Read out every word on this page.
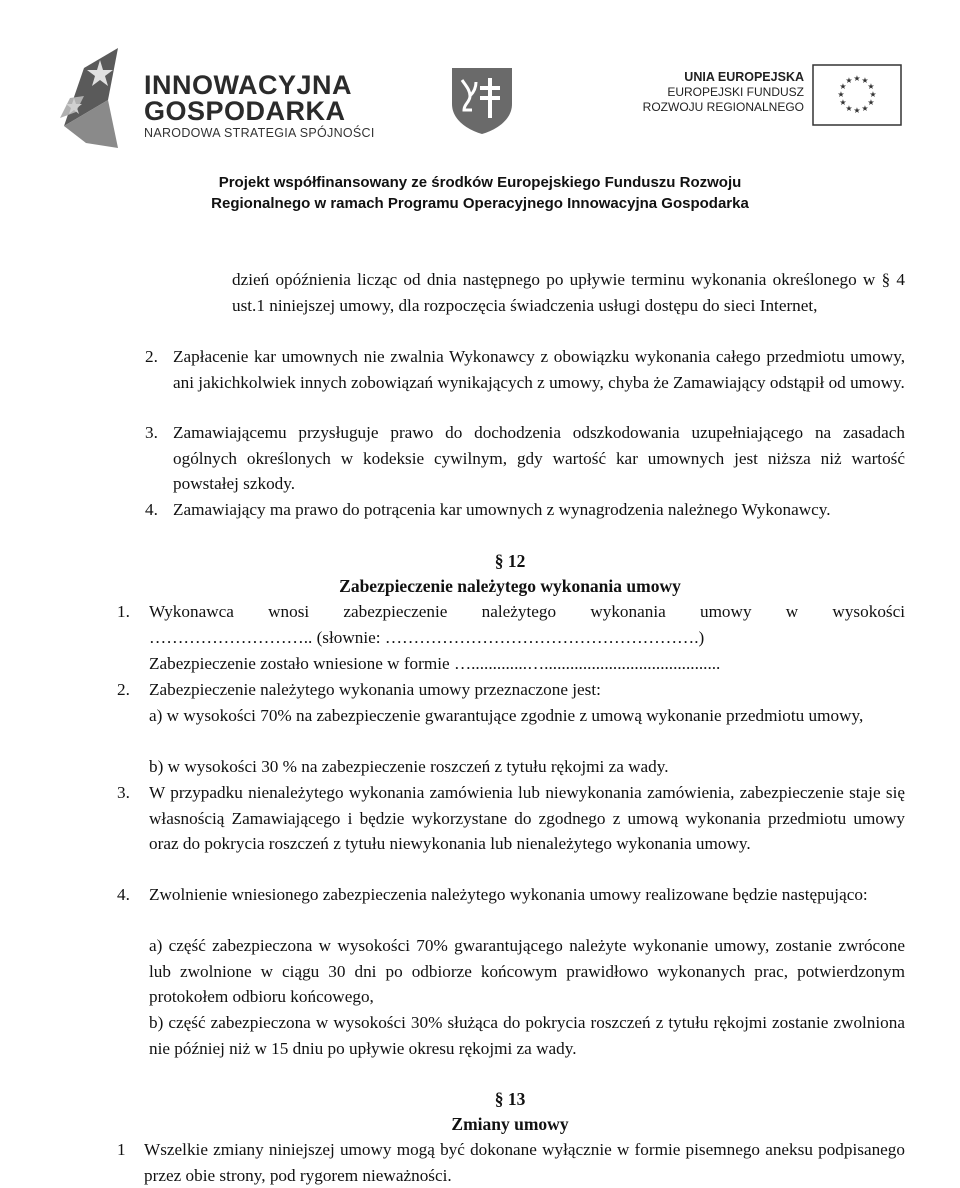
INNOWACYJNA
GOSPODARKA
NARODOWA STRATEGIA SPÓJNOŚCI
UNIA EUROPEJSKA
EUROPEJSKI FUNDUSZ
ROZWOJU REGIONALNEGO
★ ★
★
★
★
★
★
★
★
★
★
★
Projekt współfinansowany ze środków Europejskiego Funduszu Rozwoju
Regionalnego w ramach Programu Operacyjnego Innowacyjna Gospodarka
dzień opóźnienia licząc od dnia następnego po upływie terminu wykonania określonego w § 4 ust.1 niniejszej umowy, dla rozpoczęcia świadczenia usługi dostępu do sieci Internet,
2. Zapłacenie kar umownych nie zwalnia Wykonawcy z obowiązku wykonania całego przedmiotu umowy, ani jakichkolwiek innych zobowiązań wynikających z umowy, chyba że Zamawiający odstąpił od umowy.
3. Zamawiającemu przysługuje prawo do dochodzenia odszkodowania uzupełniającego na zasadach ogólnych określonych w kodeksie cywilnym, gdy wartość kar umownych jest niższa niż wartość powstałej szkody.
4. Zamawiający ma prawo do potrącenia kar umownych z wynagrodzenia należnego Wykonawcy.
§ 12
Zabezpieczenie należytego wykonania umowy
1. Wykonawca wnosi zabezpieczenie należytego wykonania umowy w wysokości
……………………….. (słownie: ……………………………………………….)
Zabezpieczenie zostało wniesione w formie ….............….........................................
2. Zabezpieczenie należytego wykonania umowy przeznaczone jest:
a) w wysokości 70% na zabezpieczenie gwarantujące zgodnie z umową wykonanie przedmiotu umowy,
b) w wysokości 30 % na zabezpieczenie roszczeń z tytułu rękojmi za wady.
3. W przypadku nienależytego wykonania zamówienia lub niewykonania zamówienia, zabezpieczenie staje się własnością Zamawiającego i będzie wykorzystane do zgodnego z umową wykonania przedmiotu umowy oraz do pokrycia roszczeń z tytułu niewykonania lub nienależytego wykonania umowy.
4. Zwolnienie wniesionego zabezpieczenia należytego wykonania umowy realizowane będzie następująco:
a) część zabezpieczona w wysokości 70% gwarantującego należyte wykonanie umowy, zostanie zwrócone lub zwolnione w ciągu 30 dni po odbiorze końcowym prawidłowo wykonanych prac, potwierdzonym protokołem odbioru końcowego,
b) część zabezpieczona w wysokości 30% służąca do pokrycia roszczeń z tytułu rękojmi zostanie zwolniona nie później niż w 15 dniu po upływie okresu rękojmi za wady.
§ 13
Zmiany umowy
1 Wszelkie zmiany niniejszej umowy mogą być dokonane wyłącznie w formie pisemnego aneksu podpisanego przez obie strony, pod rygorem nieważności.
